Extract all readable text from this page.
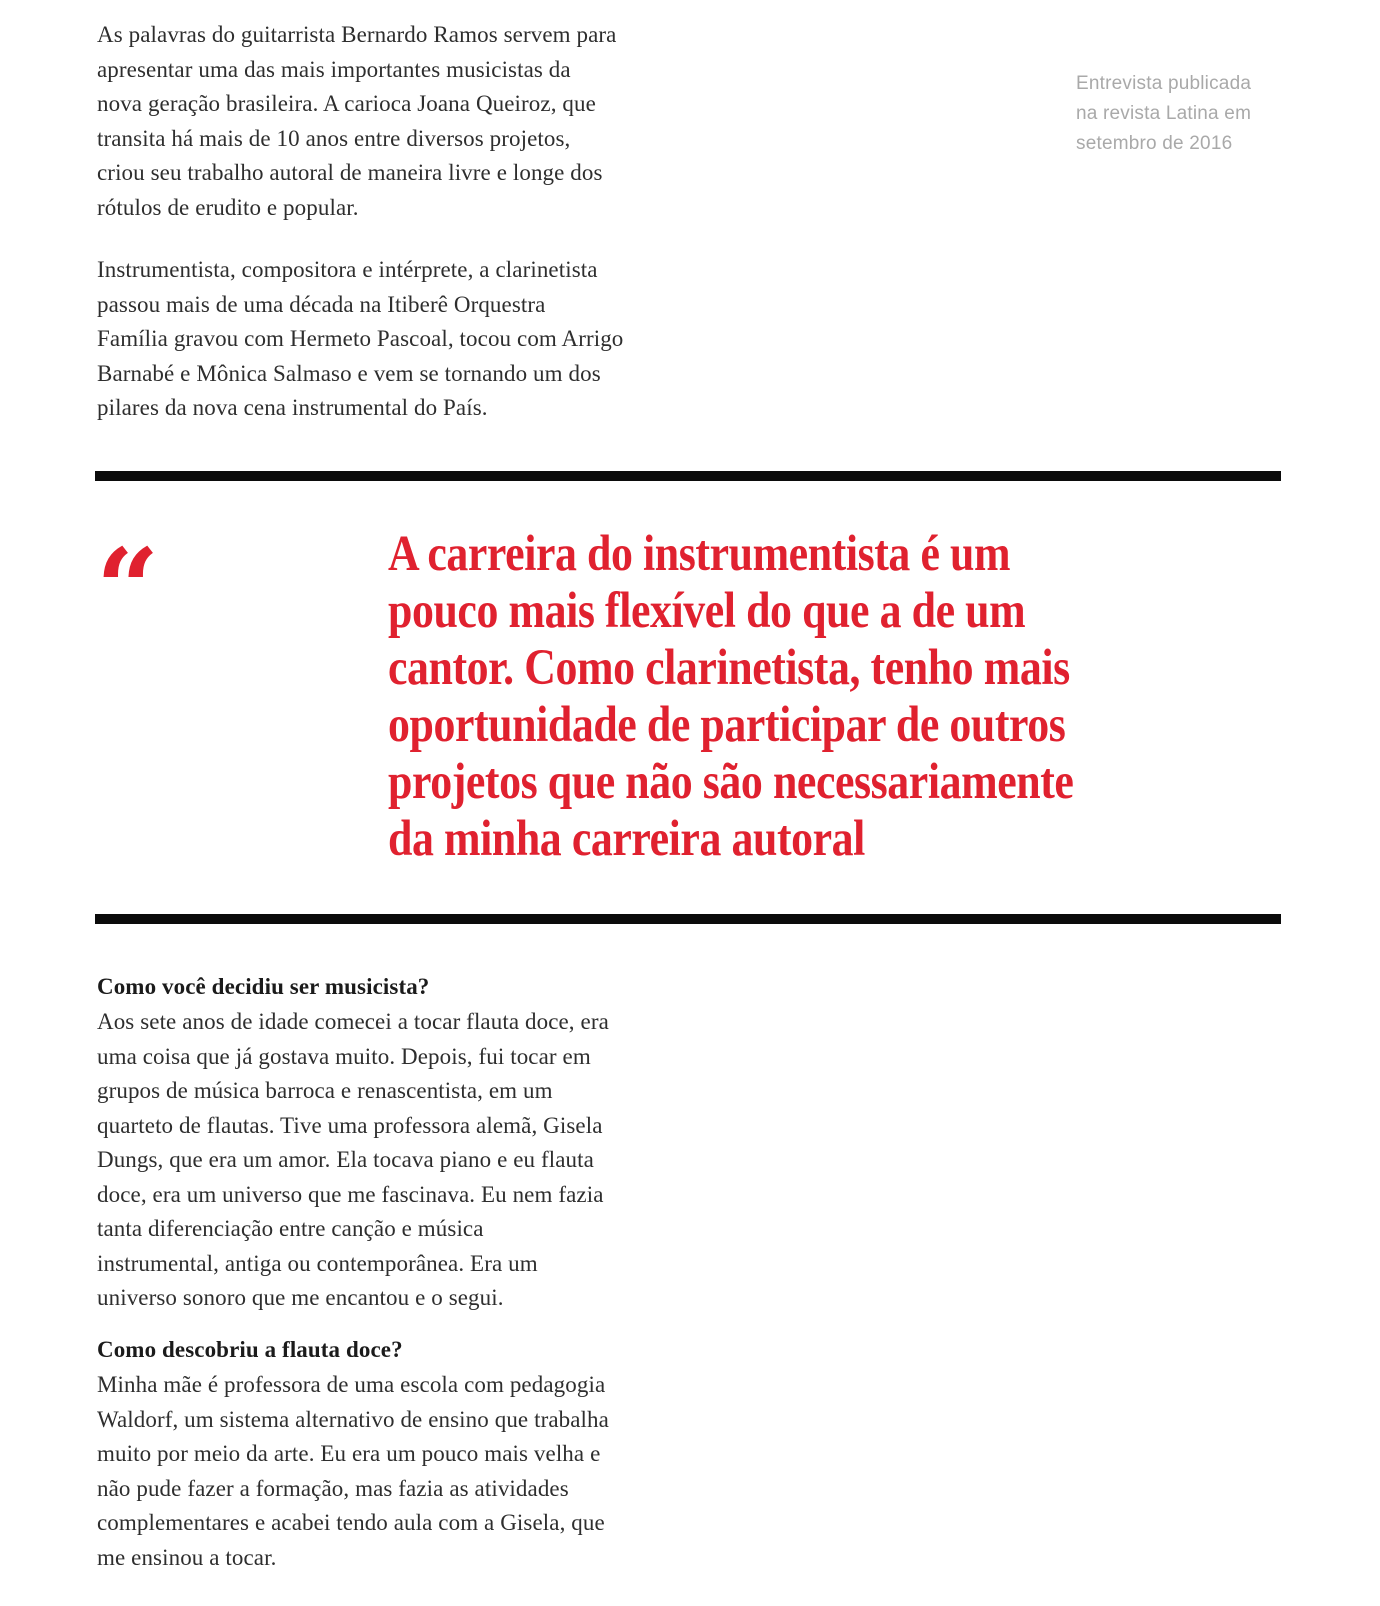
As palavras do guitarrista Bernardo Ramos servem para
apresentar uma das mais importantes musicistas da
nova geração brasileira. A carioca Joana Queiroz, que
transita há mais de 10 anos entre diversos projetos,
criou seu trabalho autoral de maneira livre e longe dos
rótulos de erudito e popular.
Instrumentista, compositora e intérprete, a clarinetista
passou mais de uma década na Itiberê Orquestra
Família gravou com Hermeto Pascoal, tocou com Arrigo
Barnabé e Mônica Salmaso e vem se tornando um dos
pilares da nova cena instrumental do País.
Entrevista publicada
na revista Latina em
setembro de 2016
“	A carreira do instrumentista é um
pouco mais flexível do que a de um
cantor. Como clarinetista, tenho mais
oportunidade de participar de outros
projetos que não são necessariamente
da minha carreira autoral
Como você decidiu ser musicista?
Aos sete anos de idade comecei a tocar flauta doce, era
uma coisa que já gostava muito. Depois, fui tocar em
grupos de música barroca e renascentista, em um
quarteto de flautas. Tive uma professora alemã, Gisela
Dungs, que era um amor. Ela tocava piano e eu flauta
doce, era um universo que me fascinava. Eu nem fazia
tanta diferenciação entre canção e música
instrumental, antiga ou contemporânea. Era um
universo sonoro que me encantou e o segui.
Como descobriu a flauta doce?
Minha mãe é professora de uma escola com pedagogia
Waldorf, um sistema alternativo de ensino que trabalha
muito por meio da arte. Eu era um pouco mais velha e
não pude fazer a formação, mas fazia as atividades
complementares e acabei tendo aula com a Gisela, que
me ensinou a tocar.
